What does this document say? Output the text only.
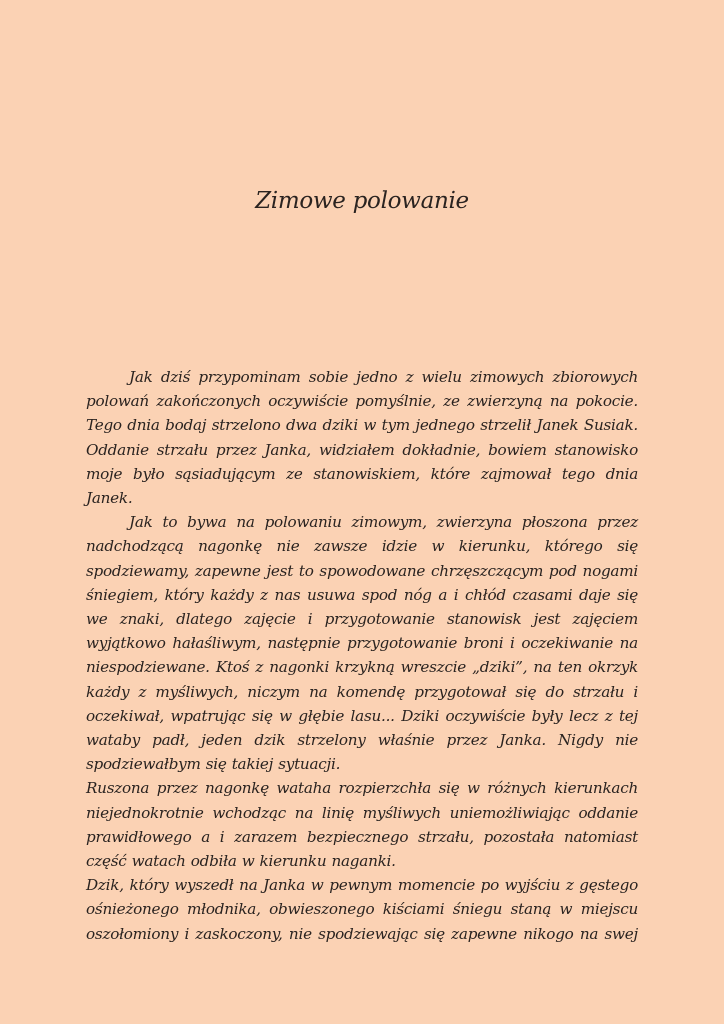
Zimowe polowanie

Jak dziś przypominam sobie jedno z wielu zimowych zbiorowych polowań zakończonych oczywiście pomyślnie, ze zwierzyną na pokocie. Tego dnia bodaj strzelono dwa dziki w tym jednego strzelił Janek Susiak. Oddanie strzału przez Janka, widziałem dokładnie, bowiem stanowisko moje było sąsiadującym ze stanowiskiem, które zajmował tego dnia Janek.

Jak to bywa na polowaniu zimowym, zwierzyna płoszona przez nadchodzącą nagonkę nie zawsze idzie w kierunku, którego się spodziewamy, zapewne jest to spowodowane chrzęszczącym pod nogami śniegiem, który każdy z nas usuwa spod nóg a i chłód czasami daje się we znaki, dlatego zajęcie i przygotowanie stanowisk jest zajęciem wyjątkowo hałaśliwym, następnie przygotowanie broni i oczekiwanie na niespodziewane. Ktoś z nagonki krzykną wreszcie „dziki”, na ten okrzyk każdy z myśliwych, niczym na komendę przygotował się do strzału i oczekiwał, wpatrując się w głębie lasu... Dziki oczywiście były lecz z tej wataby padł, jeden dzik strzelony właśnie przez Janka. Nigdy nie spodziewałbym się takiej sytuacji.

Ruszona przez nagonkę wataha rozpierzchła się w różnych kierunkach niejednokrotnie wchodząc na linię myśliwych uniemożliwiając oddanie prawidłowego a i zarazem bezpiecznego strzału, pozostała natomiast część watach odbiła w kierunku naganki.

Dzik, który wyszedł na Janka w pewnym momencie po wyjściu z gęstego ośnieżonego młodnika, obwieszonego kiściami śniegu staną w miejscu oszołomiony i zaskoczony, nie spodziewając się zapewne nikogo na swej
